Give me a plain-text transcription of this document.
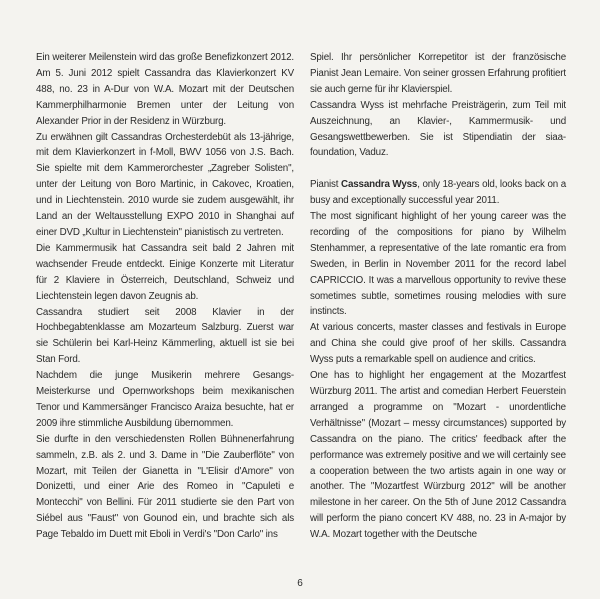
Ein weiterer Meilenstein wird das große Benefizkonzert 2012. Am 5. Juni 2012 spielt Cassandra das Klavierkonzert KV 488, no. 23 in A-Dur von W.A. Mozart mit der Deutschen Kammerphilharmonie Bremen unter der Leitung von Alexander Prior in der Residenz in Würzburg.

Zu erwähnen gilt Cassandras Orchesterdebüt als 13-jährige, mit dem Klavierkonzert in f-Moll, BWV 1056 von J.S. Bach. Sie spielte mit dem Kammerorchester „Zagreber Solisten", unter der Leitung von Boro Martinic, in Cakovec, Kroatien, und in Liechtenstein. 2010 wurde sie zudem ausgewählt, ihr Land an der Weltausstellung EXPO 2010 in Shanghai auf einer DVD „Kultur in Liechtenstein" pianistisch zu vertreten.

Die Kammermusik hat Cassandra seit bald 2 Jahren mit wachsender Freude entdeckt. Einige Konzerte mit Literatur für 2 Klaviere in Österreich, Deutschland, Schweiz und Liechtenstein legen davon Zeugnis ab.

Cassandra studiert seit 2008 Klavier in der Hochbegabtenklasse am Mozarteum Salzburg. Zuerst war sie Schülerin bei Karl-Heinz Kämmerling, aktuell ist sie bei Stan Ford.

Nachdem die junge Musikerin mehrere Gesangs-Meisterkurse und Opernworkshops beim mexikanischen Tenor und Kammersänger Francisco Araiza besuchte, hat er 2009 ihre stimmliche Ausbildung übernommen.

Sie durfte in den verschiedensten Rollen Bühnenerfahrung sammeln, z.B. als 2. und 3. Dame in "Die Zauberflöte" von Mozart, mit Teilen der Gianetta in "L'Elisir d'Amore" von Donizetti, und einer Arie des Romeo in "Capuleti e Montecchi" von Bellini. Für 2011 studierte sie den Part von Siébel aus "Faust" von Gounod ein, und brachte sich als Page Tebaldo im Duett mit Eboli in Verdi's "Don Carlo" ins

Spiel. Ihr persönlicher Korrepetitor ist der französische Pianist Jean Lemaire. Von seiner grossen Erfahrung profitiert sie auch gerne für ihr Klavierspiel.

Cassandra Wyss ist mehrfache Preisträgerin, zum Teil mit Auszeichnung, an Klavier-, Kammermusik- und Gesangswettbewerben. Sie ist Stipendiatin der siaa-foundation, Vaduz.

Pianist Cassandra Wyss, only 18-years old, looks back on a busy and exceptionally successful year 2011.

The most significant highlight of her young career was the recording of the compositions for piano by Wilhelm Stenhammer, a representative of the late romantic era from Sweden, in Berlin in November 2011 for the record label CAPRICCIO. It was a marvellous opportunity to revive these sometimes subtle, sometimes rousing melodies with sure instincts.

At various concerts, master classes and festivals in Europe and China she could give proof of her skills. Cassandra Wyss puts a remarkable spell on audience and critics.

One has to highlight her engagement at the Mozartfest Würzburg 2011. The artist and comedian Herbert Feuerstein arranged a programme on "Mozart - unordentliche Verhältnisse" (Mozart – messy circumstances) supported by Cassandra on the piano. The critics' feedback after the performance was extremely positive and we will certainly see a cooperation between the two artists again in one way or another. The "Mozartfest Würzburg 2012" will be another milestone in her career. On the 5th of June 2012 Cassandra will perform the piano concert KV 488, no. 23 in A-major by W.A. Mozart together with the Deutsche

6
